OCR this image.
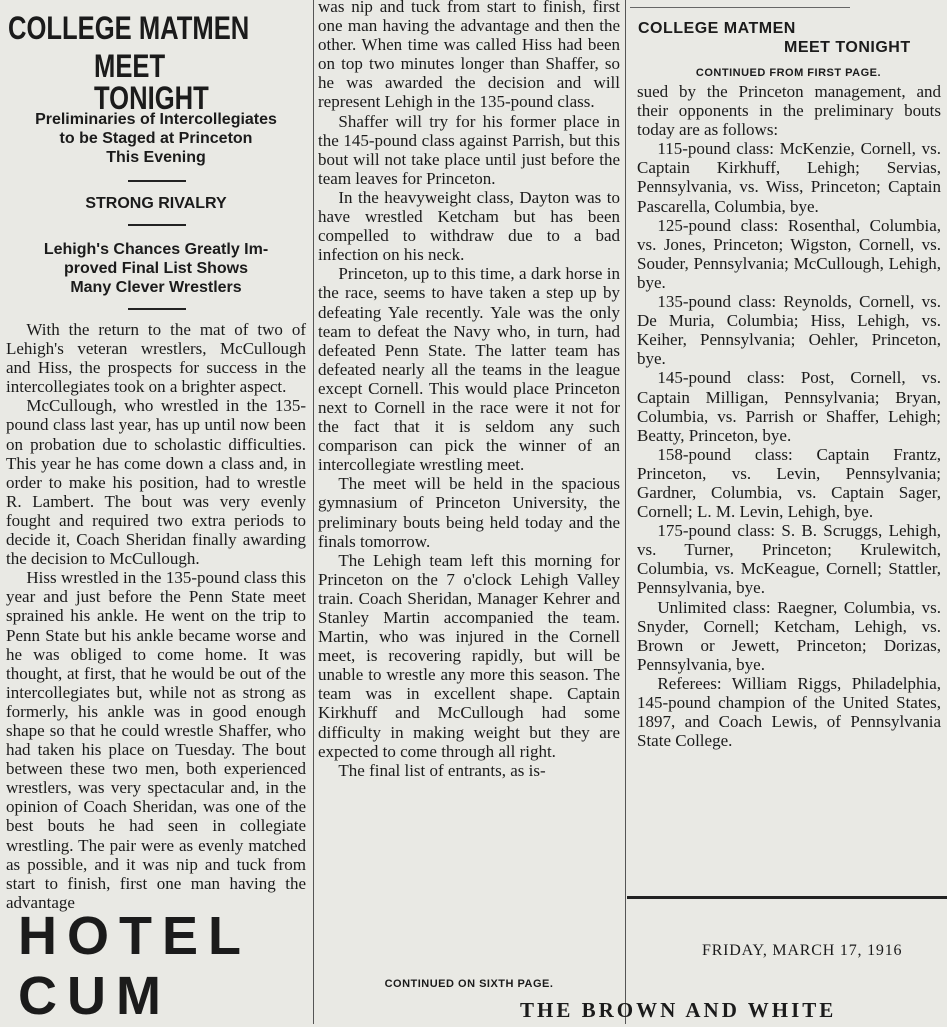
COLLEGE MATMEN
MEET TONIGHT
Preliminaries of Intercollegiates
to be Staged at Princeton
This Evening
STRONG RIVALRY
Lehigh's Chances Greatly Im-
proved Final List Shows
Many Clever Wrestlers

With the return to the mat of two of Lehigh's veteran wrestlers, McCullough and Hiss, the prospects for success in the intercollegiates took on a brighter aspect.

McCullough, who wrestled in the 135-pound class last year, has up until now been on probation due to scholastic difficulties. This year he has come down a class and, in order to make his position, had to wrestle R. Lambert. The bout was very evenly fought and required two extra periods to decide it, Coach Sheridan finally awarding the decision to McCullough.

Hiss wrestled in the 135-pound class this year and just before the Penn State meet sprained his ankle. He went on the trip to Penn State but his ankle became worse and he was obliged to come home. It was thought, at first, that he would be out of the intercollegiates but, while not as strong as formerly, his ankle was in good enough shape so that he could wrestle Shaffer, who had taken his place on Tuesday. The bout between these two men, both experienced wrestlers, was very spectacular and, in the opinion of Coach Sheridan, was one of the best bouts he had seen in collegiate wrestling. The pair were as evenly matched as possible, and it was nip and tuck from start to finish, first one man having the advantage

was nip and tuck from start to finish, first one man having the advantage and then the other. When time was called Hiss had been on top two minutes longer than Shaffer, so he was awarded the decision and will represent Lehigh in the 135-pound class.

Shaffer will try for his former place in the 145-pound class against Parrish, but this bout will not take place until just before the team leaves for Princeton.

In the heavyweight class, Dayton was to have wrestled Ketcham but has been compelled to withdraw due to a bad infection on his neck.

Princeton, up to this time, a dark horse in the race, seems to have taken a step up by defeating Yale recently. Yale was the only team to defeat the Navy who, in turn, had defeated Penn State. The latter team has defeated nearly all the teams in the league except Cornell. This would place Princeton next to Cornell in the race were it not for the fact that it is seldom any such comparison can pick the winner of an intercollegiate wrestling meet.

The meet will be held in the spacious gymnasium of Princeton University, the preliminary bouts being held today and the finals tomorrow.

The Lehigh team left this morning for Princeton on the 7 o'clock Lehigh Valley train. Coach Sheridan, Manager Kehrer and Stanley Martin accompanied the team. Martin, who was injured in the Cornell meet, is recovering rapidly, but will be unable to wrestle any more this season. The team was in excellent shape. Captain Kirkhuff and McCullough had some difficulty in making weight but they are expected to come through all right.

The final list of entrants, as is-

CONTINUED ON SIXTH PAGE.
COLLEGE MATMEN
MEET TONIGHT
CONTINUED FROM FIRST PAGE.

sued by the Princeton management, and their opponents in the preliminary bouts today are as follows:

115-pound class: McKenzie, Cornell, vs. Captain Kirkhuff, Lehigh; Servias, Pennsylvania, vs. Wiss, Princeton; Captain Pascarella, Columbia, bye.

125-pound class: Rosenthal, Columbia, vs. Jones, Princeton; Wigston, Cornell, vs. Souder, Pennsylvania; McCullough, Lehigh, bye.

135-pound class: Reynolds, Cornell, vs. De Muria, Columbia; Hiss, Lehigh, vs. Keiher, Pennsylvania; Oehler, Princeton, bye.

145-pound class: Post, Cornell, vs. Captain Milligan, Pennsylvania; Bryan, Columbia, vs. Parrish or Shaffer, Lehigh; Beatty, Princeton, bye.

158-pound class: Captain Frantz, Princeton, vs. Levin, Pennsylvania; Gardner, Columbia, vs. Captain Sager, Cornell; L. M. Levin, Lehigh, bye.

175-pound class: S. B. Scruggs, Lehigh, vs. Turner, Princeton; Krulewitch, Columbia, vs. McKeague, Cornell; Stattler, Pennsylvania, bye.

Unlimited class: Raegner, Columbia, vs. Snyder, Cornell; Ketcham, Lehigh, vs. Brown or Jewett, Princeton; Dorizas, Pennsylvania, bye.

Referees: William Riggs, Philadelphia, 145-pound champion of the United States, 1897, and Coach Lewis, of Pennsylvania State College.

HOTEL CUM
FRIDAY, MARCH 17, 1916
THE BROWN AND WHITE
